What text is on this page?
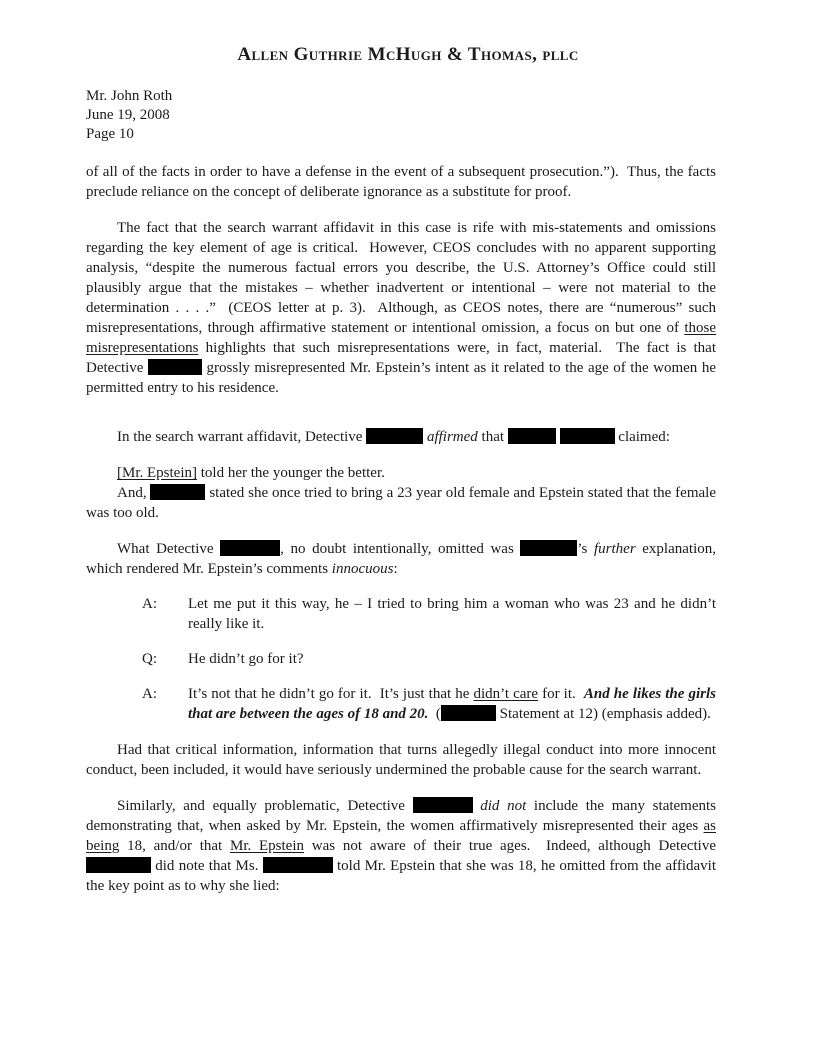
Allen Guthrie McHugh & Thomas, pllc
Mr. John Roth
June 19, 2008
Page 10

of all of the facts in order to have a defense in the event of a subsequent prosecution.”).  Thus, the facts preclude reliance on the concept of deliberate ignorance as a substitute for proof.

The fact that the search warrant affidavit in this case is rife with mis-statements and omissions regarding the key element of age is critical.  However, CEOS concludes with no apparent supporting analysis, “despite the numerous factual errors you describe, the U.S. Attorney’s Office could still plausibly argue that the mistakes – whether inadvertent or intentional – were not material to the determination . . . .”  (CEOS letter at p. 3).  Although, as CEOS notes, there are “numerous” such misrepresentations, through affirmative statement or intentional omission, a focus on but one of those misrepresentations highlights that such misrepresentations were, in fact, material.  The fact is that Detective	grossly misrepresented Mr. Epstein’s intent as it related to the age of the women he permitted entry to his residence.

In the search warrant affidavit, Detective	affirmed that	claimed:

[Mr. Epstein] told her the younger the better.

And,	stated she once tried to bring a 23 year old female and Epstein stated that the female was too old.

What Detective	, no doubt intentionally, omitted was	’s further explanation, which rendered Mr. Epstein’s comments innocuous:

A: Let me put it this way, he – I tried to bring him a woman who was 23 and he didn’t really like it.
Q: He didn’t go for it?
A: It’s not that he didn’t go for it.  It’s just that he didn’t care for it.  And he likes the girls that are between the ages of 18 and 20.  (	Statement at 12) (emphasis added).

Had that critical information, information that turns allegedly illegal conduct into more innocent conduct, been included, it would have seriously undermined the probable cause for the search warrant.

Similarly, and equally problematic, Detective	did not include the many statements demonstrating that, when asked by Mr. Epstein, the women affirmatively misrepresented their ages as being 18, and/or that Mr. Epstein was not aware of their true ages.  Indeed, although Detective  did note that Ms.	told Mr. Epstein that she was 18, he omitted from the affidavit the key point as to why she lied:
